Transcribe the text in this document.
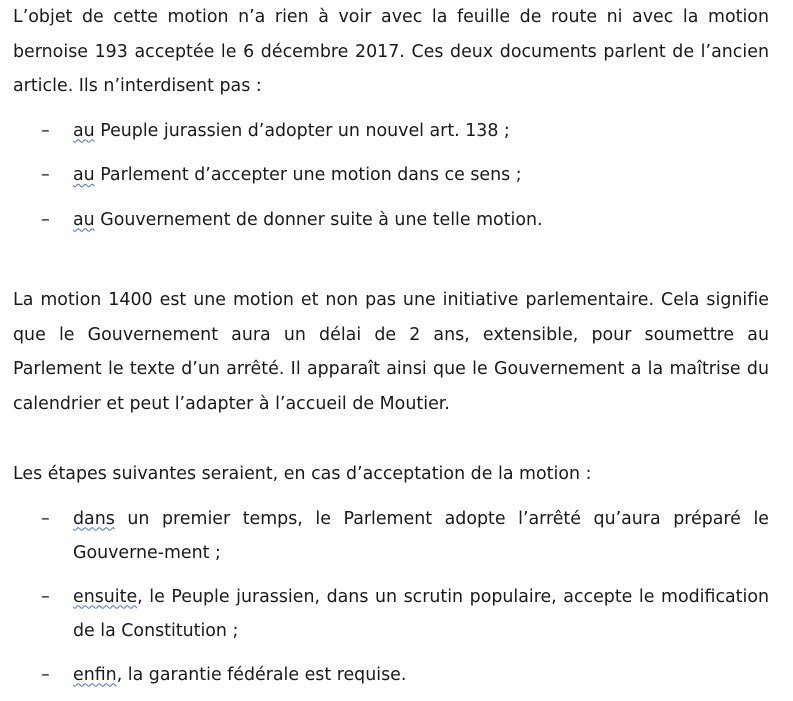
L’objet de cette motion n’a rien à voir avec la feuille de route ni avec la motion bernoise 193 acceptée le 6 décembre 2017. Ces deux documents parlent de l’ancien article. Ils n’interdisent pas :

– au Peuple jurassien d’adopter un nouvel art. 138 ;
– au Parlement d’accepter une motion dans ce sens ;
– au Gouvernement de donner suite à une telle motion.

La motion 1400 est une motion et non pas une initiative parlementaire. Cela signifie que le Gouvernement aura un délai de 2 ans, extensible, pour soumettre au Parlement le texte d’un arrêté. Il apparaît ainsi que le Gouvernement a la maîtrise du calendrier et peut l’adapter à l’accueil de Moutier.

Les étapes suivantes seraient, en cas d’acceptation de la motion :

– dans un premier temps, le Parlement adopte l’arrêté qu’aura préparé le Gouverne-ment ;
– ensuite, le Peuple jurassien, dans un scrutin populaire, accepte le modification de la Constitution ;
– enfin, la garantie fédérale est requise.
